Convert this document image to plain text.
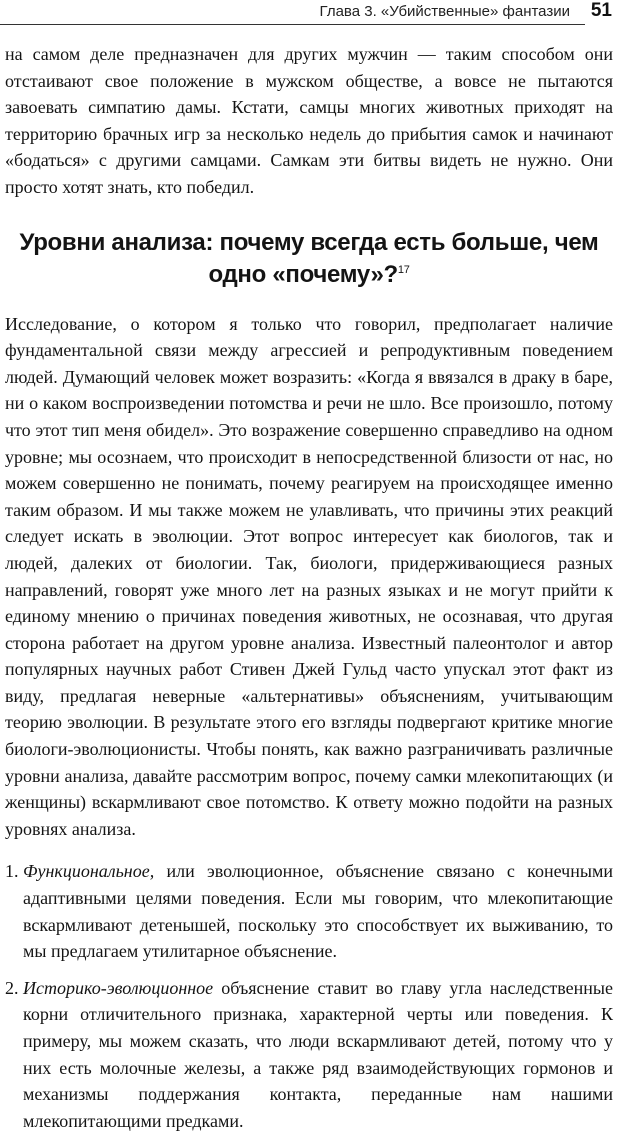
Глава 3. «Убийственные» фантазии 51

на самом деле предназначен для других мужчин — таким способом они отстаивают свое положение в мужском обществе, а вовсе не пытаются завоевать симпатию дамы. Кстати, самцы многих животных приходят на территорию брачных игр за несколько недель до прибытия самок и начинают «бодаться» с другими самцами. Самкам эти битвы видеть не нужно. Они просто хотят знать, кто победил.

Уровни анализа: почему всегда есть больше, чем одно «почему»?$^{17}$

Исследование, о котором я только что говорил, предполагает наличие фундаментальной связи между агрессией и репродуктивным поведением людей. Думающий человек может возразить: «Когда я ввязался в драку в баре, ни о каком воспроизведении потомства и речи не шло. Все произошло, потому что этот тип меня обидел». Это возражение совершенно справедливо на одном уровне; мы осознаем, что происходит в непосредственной близости от нас, но можем совершенно не понимать, почему реагируем на происходящее именно таким образом. И мы также можем не улавливать, что причины этих реакций следует искать в эволюции. Этот вопрос интересует как биологов, так и людей, далеких от биологии. Так, биологи, придерживающиеся разных направлений, говорят уже много лет на разных языках и не могут прийти к единому мнению о причинах поведения животных, не осознавая, что другая сторона работает на другом уровне анализа. Известный палеонтолог и автор популярных научных работ Стивен Джей Гульд часто упускал этот факт из виду, предлагая неверные «альтернативы» объяснениям, учитывающим теорию эволюции. В результате этого его взгляды подвергают критике многие биологи-эволюционисты. Чтобы понять, как важно разграничивать различные уровни анализа, давайте рассмотрим вопрос, почему самки млекопитающих (и женщины) вскармливают свое потомство. К ответу можно подойти на разных уровнях анализа.

1. Функциональное, или эволюционное, объяснение связано с конечными адаптивными целями поведения. Если мы говорим, что млекопитающие вскармливают детенышей, поскольку это способствует их выживанию, то мы предлагаем утилитарное объяснение.
2. Историко-эволюционное объяснение ставит во главу угла наследственные корни отличительного признака, характерной черты или поведения. К примеру, мы можем сказать, что люди вскармливают детей, потому что у них есть молочные железы, а также ряд взаимодействующих гормонов и механизмы поддержания контакта, переданные нам нашими млекопитающими предками.
